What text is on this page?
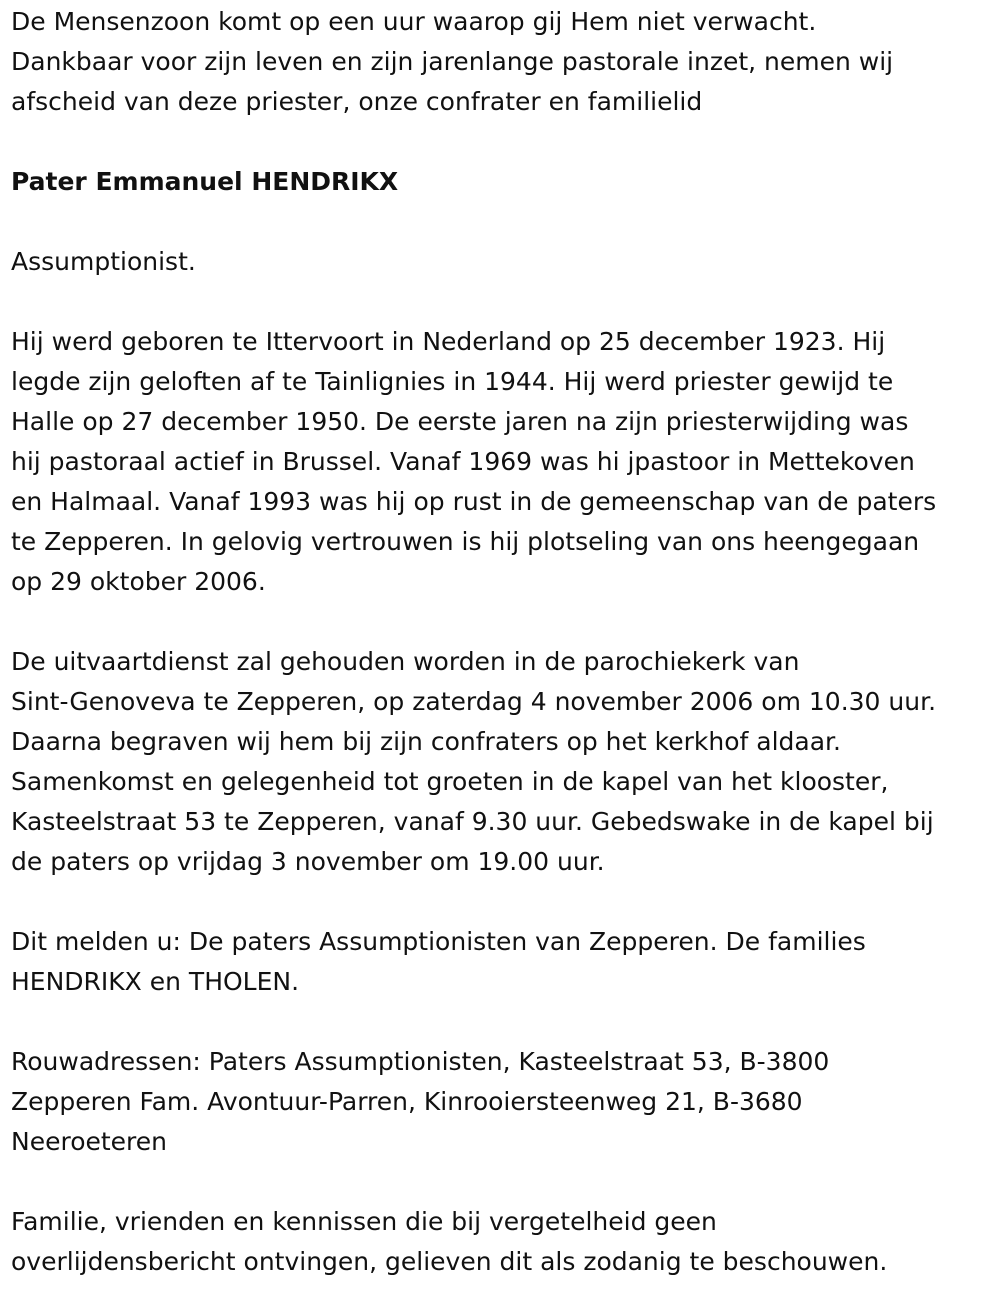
De Mensenzoon komt op een uur waarop gij Hem niet verwacht.
Dankbaar voor zijn leven en zijn jarenlange pastorale inzet, nemen wij
afscheid van deze priester, onze confrater en familielid
Pater Emmanuel HENDRIKX
Assumptionist.
Hij werd geboren te Ittervoort in Nederland op 25 december 1923. Hij
legde zijn geloften af te Tainlignies in 1944. Hij werd priester gewijd te
Halle op 27 december 1950. De eerste jaren na zijn priesterwijding was
hij pastoraal actief in Brussel. Vanaf 1969 was hi jpastoor in Mettekoven
en Halmaal. Vanaf 1993 was hij op rust in de gemeenschap van de paters
te Zepperen. In gelovig vertrouwen is hij plotseling van ons heengegaan
op 29 oktober 2006.
De uitvaartdienst zal gehouden worden in de parochiekerk van
Sint-Genoveva te Zepperen, op zaterdag 4 november 2006 om 10.30 uur.
Daarna begraven wij hem bij zijn confraters op het kerkhof aldaar.
Samenkomst en gelegenheid tot groeten in de kapel van het klooster,
Kasteelstraat 53 te Zepperen, vanaf 9.30 uur. Gebedswake in de kapel bij
de paters op vrijdag 3 november om 19.00 uur.
Dit melden u: De paters Assumptionisten van Zepperen. De families
HENDRIKX en THOLEN.
Rouwadressen: Paters Assumptionisten, Kasteelstraat 53, B-3800
Zepperen Fam. Avontuur-Parren, Kinrooiersteenweg 21, B-3680
Neeroeteren
Familie, vrienden en kennissen die bij vergetelheid geen
overlijdensbericht ontvingen, gelieven dit als zodanig te beschouwen.
